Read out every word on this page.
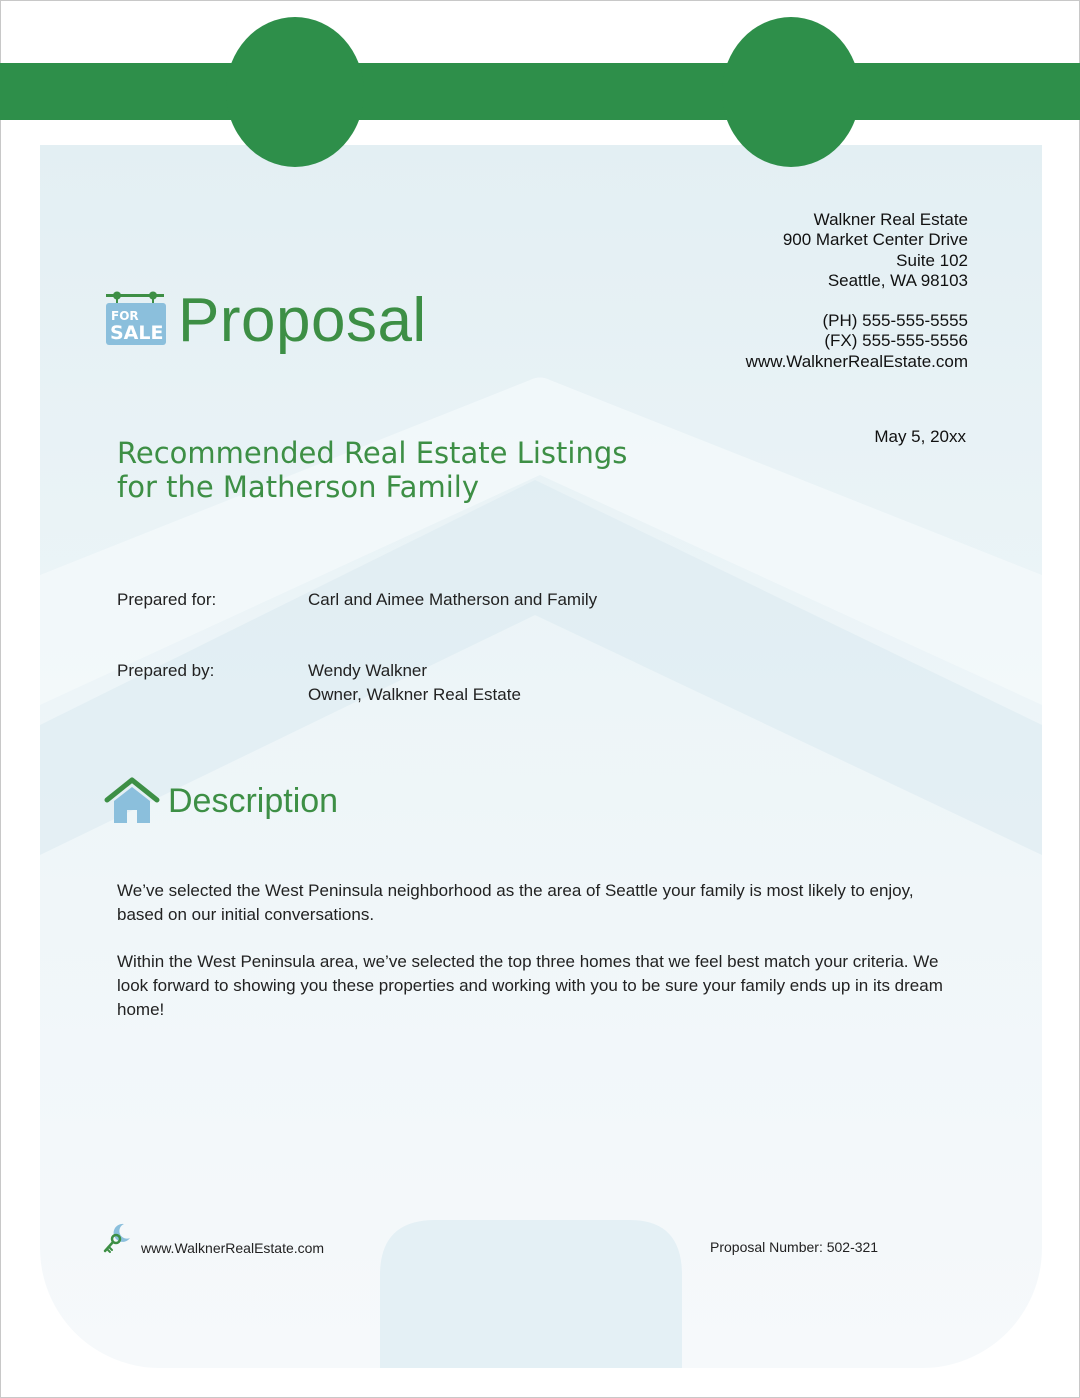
FOR
SALE Proposal
Walkner Real Estate
900 Market Center Drive
Suite 102
Seattle, WA 98103
(PH) 555-555-5555
(FX) 555-555-5556
www.WalknerRealEstate.com
May 5, 20xx
Recommended Real Estate Listings
for the Matherson Family
Prepared for:	Carl and Aimee Matherson and Family
Prepared by:	Wendy Walkner
Owner, Walkner Real Estate
Description

We’ve selected the West Peninsula neighborhood as the area of Seattle your family is most likely to enjoy, based on our initial conversations.

Within the West Peninsula area, we’ve selected the top three homes that we feel best match your criteria. We look forward to showing you these properties and working with you to be sure your family ends up in its dream home!

www.WalknerRealEstate.com	Proposal Number: 502-321
